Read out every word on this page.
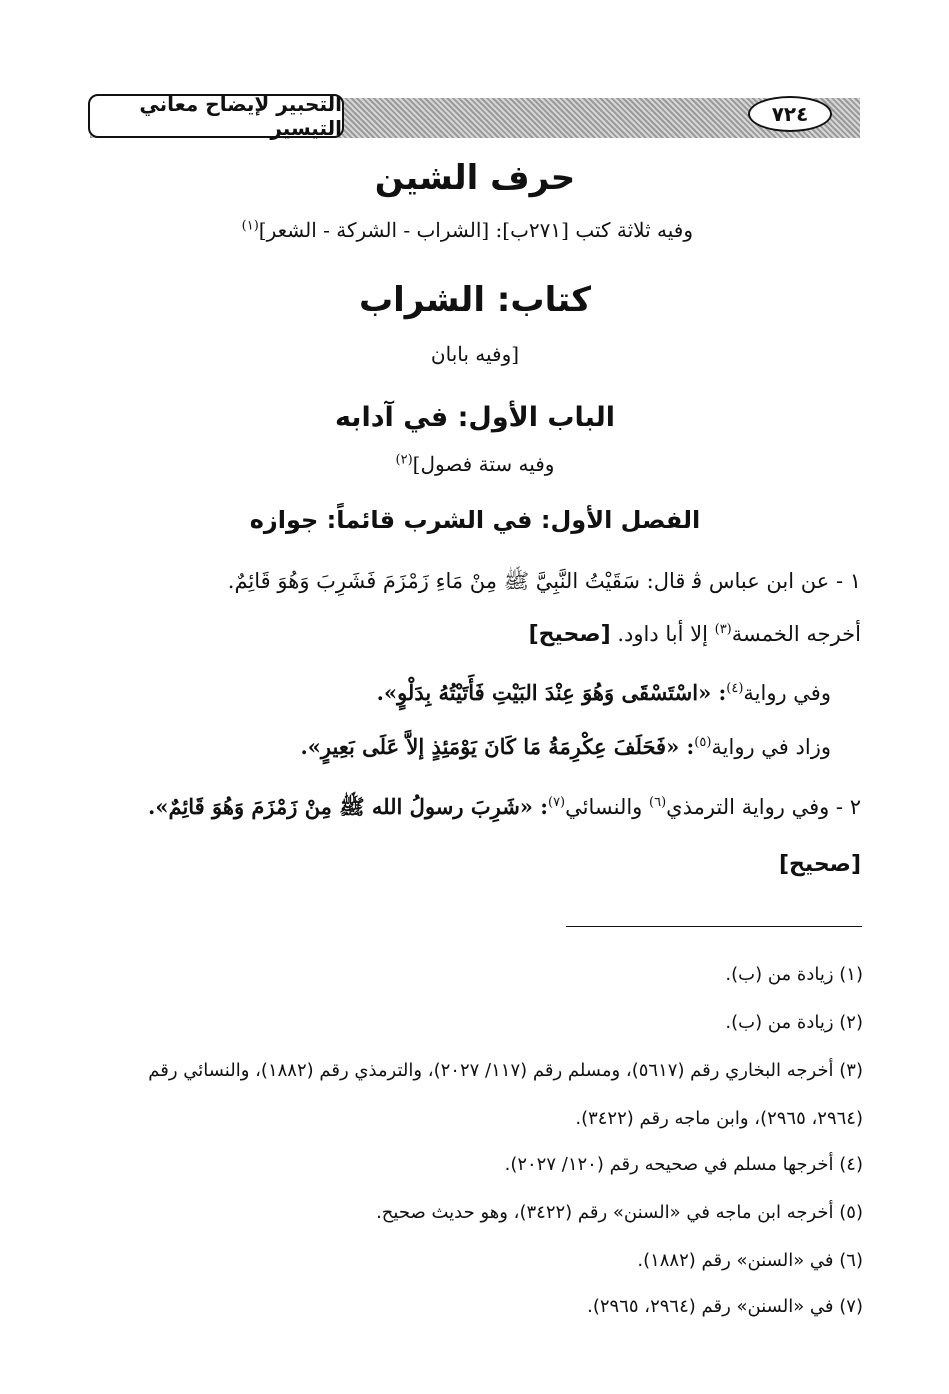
التحبير لإيضاح معاني التيسير
٧٢٤
حرف الشين
وفيه ثلاثة كتب [٢٧١ب]: [الشراب - الشركة - الشعر]$^{(١)}$
كتاب: الشراب
[وفيه بابان
الباب الأول: في آدابه
وفيه ستة فصول]$^{(٢)}$
الفصل الأول: في الشرب قائماً: جوازه
١ - عن ابن عباس ﭬ قال: سَقَيْتُ النَّبِيَّ ﷺ مِنْ مَاءِ زَمْزَمَ فَشَرِبَ وَهُوَ قَائِمٌ.
أخرجه الخمسة$^{(٣)}$ إلا أبا داود. [صحيح]
وفي رواية$^{(٤)}$: «اسْتَسْقَى وَهُوَ عِنْدَ البَيْتِ فَأَتَيْتُهُ بِدَلْوٍ».
وزاد في رواية$^{(٥)}$: «فَحَلَفَ عِكْرِمَةُ مَا كَانَ يَوْمَئِذٍ إلاَّ عَلَى بَعِيرٍ».
٢ - وفي رواية الترمذي$^{(٦)}$ والنسائي$^{(٧)}$: «شَرِبَ رسولُ الله ﷺ مِنْ زَمْزَمَ وَهُوَ قَائِمٌ».
[صحيح]
(١) زيادة من (ب).
(٢) زيادة من (ب).
(٣) أخرجه البخاري رقم (٥٦١٧)، ومسلم رقم (١١٧/ ٢٠٢٧)، والترمذي رقم (١٨٨٢)، والنسائي رقم
(٢٩٦٤، ٢٩٦٥)، وابن ماجه رقم (٣٤٢٢).
(٤) أخرجها مسلم في صحيحه رقم (١٢٠/ ٢٠٢٧).
(٥) أخرجه ابن ماجه في «السنن» رقم (٣٤٢٢)، وهو حديث صحيح.
(٦) في «السنن» رقم (١٨٨٢).
(٧) في «السنن» رقم (٢٩٦٤، ٢٩٦٥).
